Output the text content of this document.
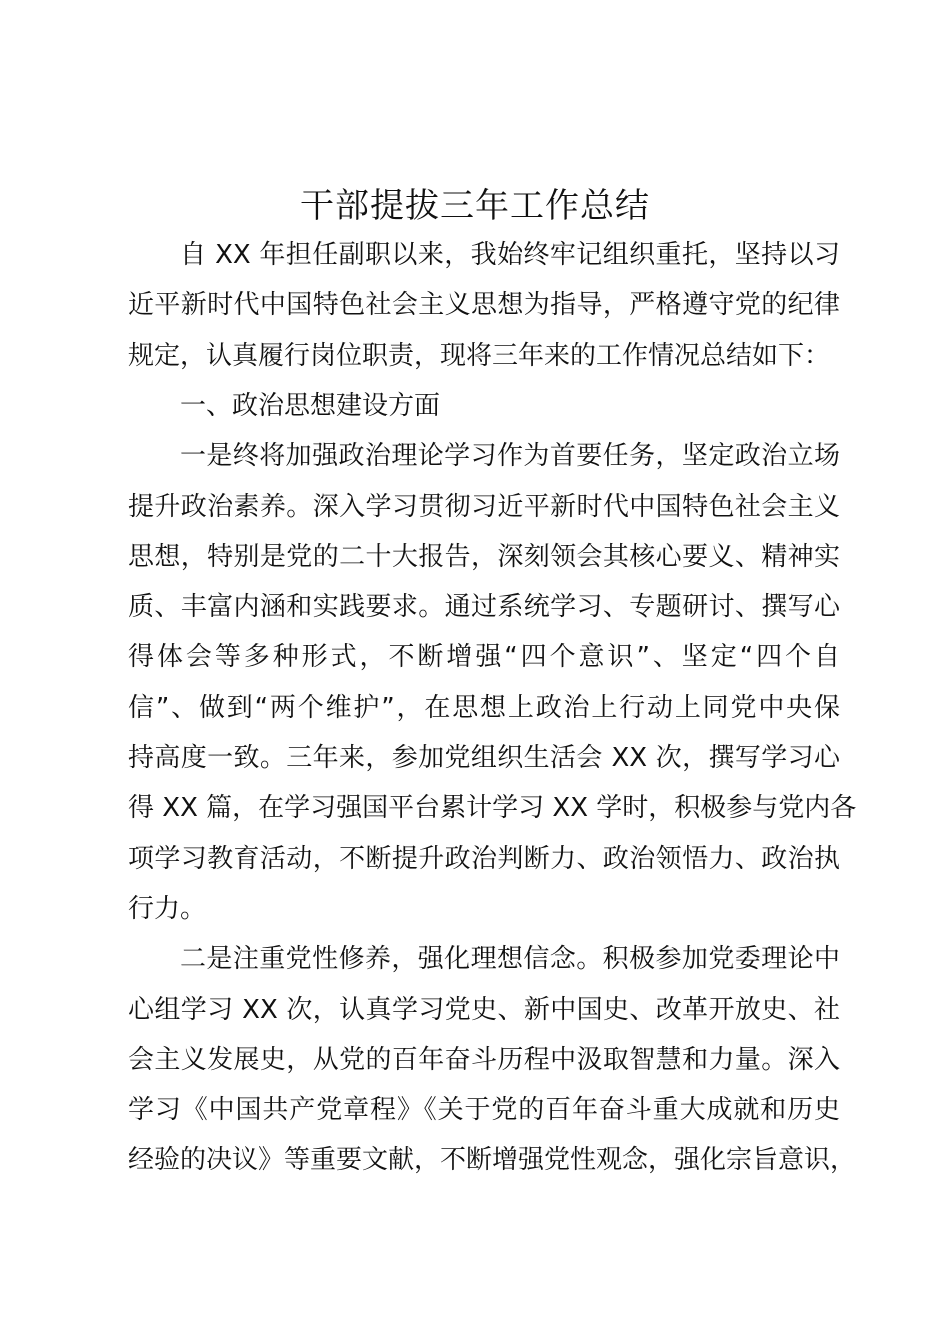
干部提拔三年工作总结

自 XX 年担任副职以来，我始终牢记组织重托，坚持以习

近平新时代中国特色社会主义思想为指导，严格遵守党的纪律

规定，认真履行岗位职责，现将三年来的工作情况总结如下：

一、政治思想建设方面

一是终将加强政治理论学习作为首要任务，坚定政治立场

提升政治素养。深入学习贯彻习近平新时代中国特色社会主义

思想，特别是党的二十大报告，深刻领会其核心要义、精神实

质、丰富内涵和实践要求。通过系统学习、专题研讨、撰写心

得体会等多种形式，不断增强“四个意识”、坚定“四个自

信”、做到“两个维护”，在思想上政治上行动上同党中央保

持高度一致。三年来，参加党组织生活会 XX 次，撰写学习心

得 XX 篇，在学习强国平台累计学习 XX 学时，积极参与党内各

项学习教育活动，不断提升政治判断力、政治领悟力、政治执

行力。

二是注重党性修养，强化理想信念。积极参加党委理论中

心组学习 XX 次，认真学习党史、新中国史、改革开放史、社

会主义发展史，从党的百年奋斗历程中汲取智慧和力量。深入

学习《中国共产党章程》《关于党的百年奋斗重大成就和历史

经验的决议》等重要文献，不断增强党性观念，强化宗旨意识，
